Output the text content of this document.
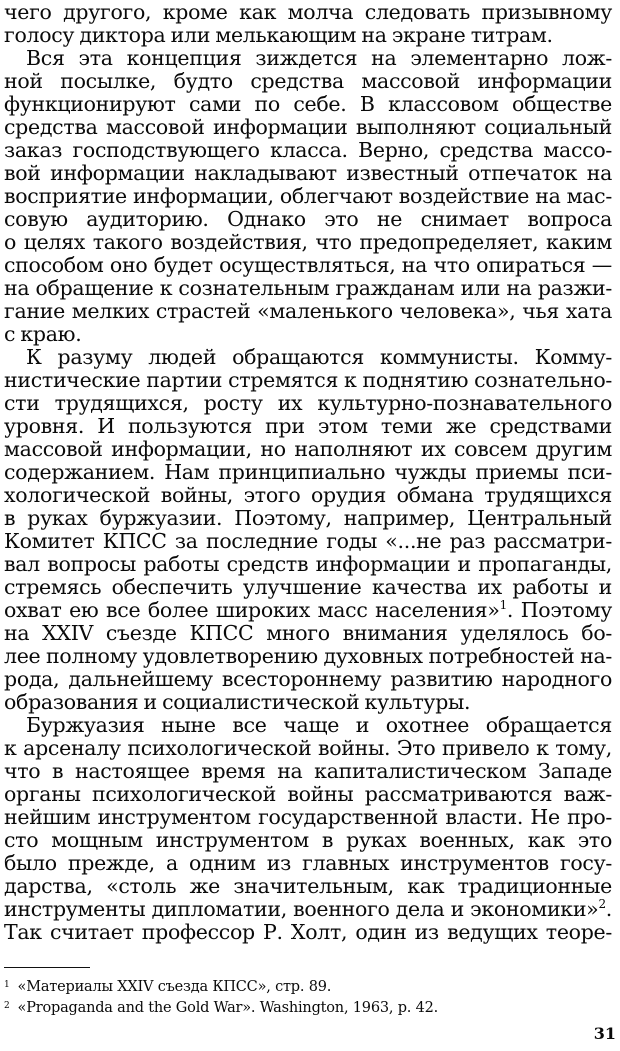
чего другого, кроме как молча следовать призывному
голосу диктора или мелькающим на экране титрам.
Вся эта концепция зиждется на элементарно лож-
ной посылке, будто средства массовой информации
функционируют сами по себе. В классовом обществе
средства массовой информации выполняют социальный
заказ господствующего класса. Верно, средства массо-
вой информации накладывают известный отпечаток на
восприятие информации, облегчают воздействие на мас-
совую аудиторию. Однако это не снимает вопроса
о целях такого воздействия, что предопределяет, каким
способом оно будет осуществляться, на что опираться —
на обращение к сознательным гражданам или на разжи-
гание мелких страстей «маленького человека», чья хата
с краю.
К разуму людей обращаются коммунисты. Комму-
нистические партии стремятся к поднятию сознательно-
сти трудящихся, росту их культурно-познавательного
уровня. И пользуются при этом теми же средствами
массовой информации, но наполняют их совсем другим
содержанием. Нам принципиально чужды приемы пси-
хологической войны, этого орудия обмана трудящихся
в руках буржуазии. Поэтому, например, Центральный
Комитет КПСС за последние годы «...не раз рассматри-
вал вопросы работы средств информации и пропаганды,
стремясь обеспечить улучшение качества их работы и
охват ею все более широких масс населения»$^1$. Поэтому
на XXIV съезде КПСС много внимания уделялось бо-
лее полному удовлетворению духовных потребностей на-
рода, дальнейшему всестороннему развитию народного
образования и социалистической культуры.
Буржуазия ныне все чаще и охотнее обращается
к арсеналу психологической войны. Это привело к тому,
что в настоящее время на капиталистическом Западе
органы психологической войны рассматриваются важ-
нейшим инструментом государственной власти. Не про-
сто мощным инструментом в руках военных, как это
было прежде, а одним из главных инструментов госу-
дарства, «столь же значительным, как традиционные
инструменты дипломатии, военного дела и экономики»$^2$.
Так считает профессор Р. Холт, один из ведущих теоре-
$^1$ «Материалы XXIV съезда КПСС», стр. 89.
$^2$ «Propaganda and the Gold War». Washington, 1963, p. 42.
31
